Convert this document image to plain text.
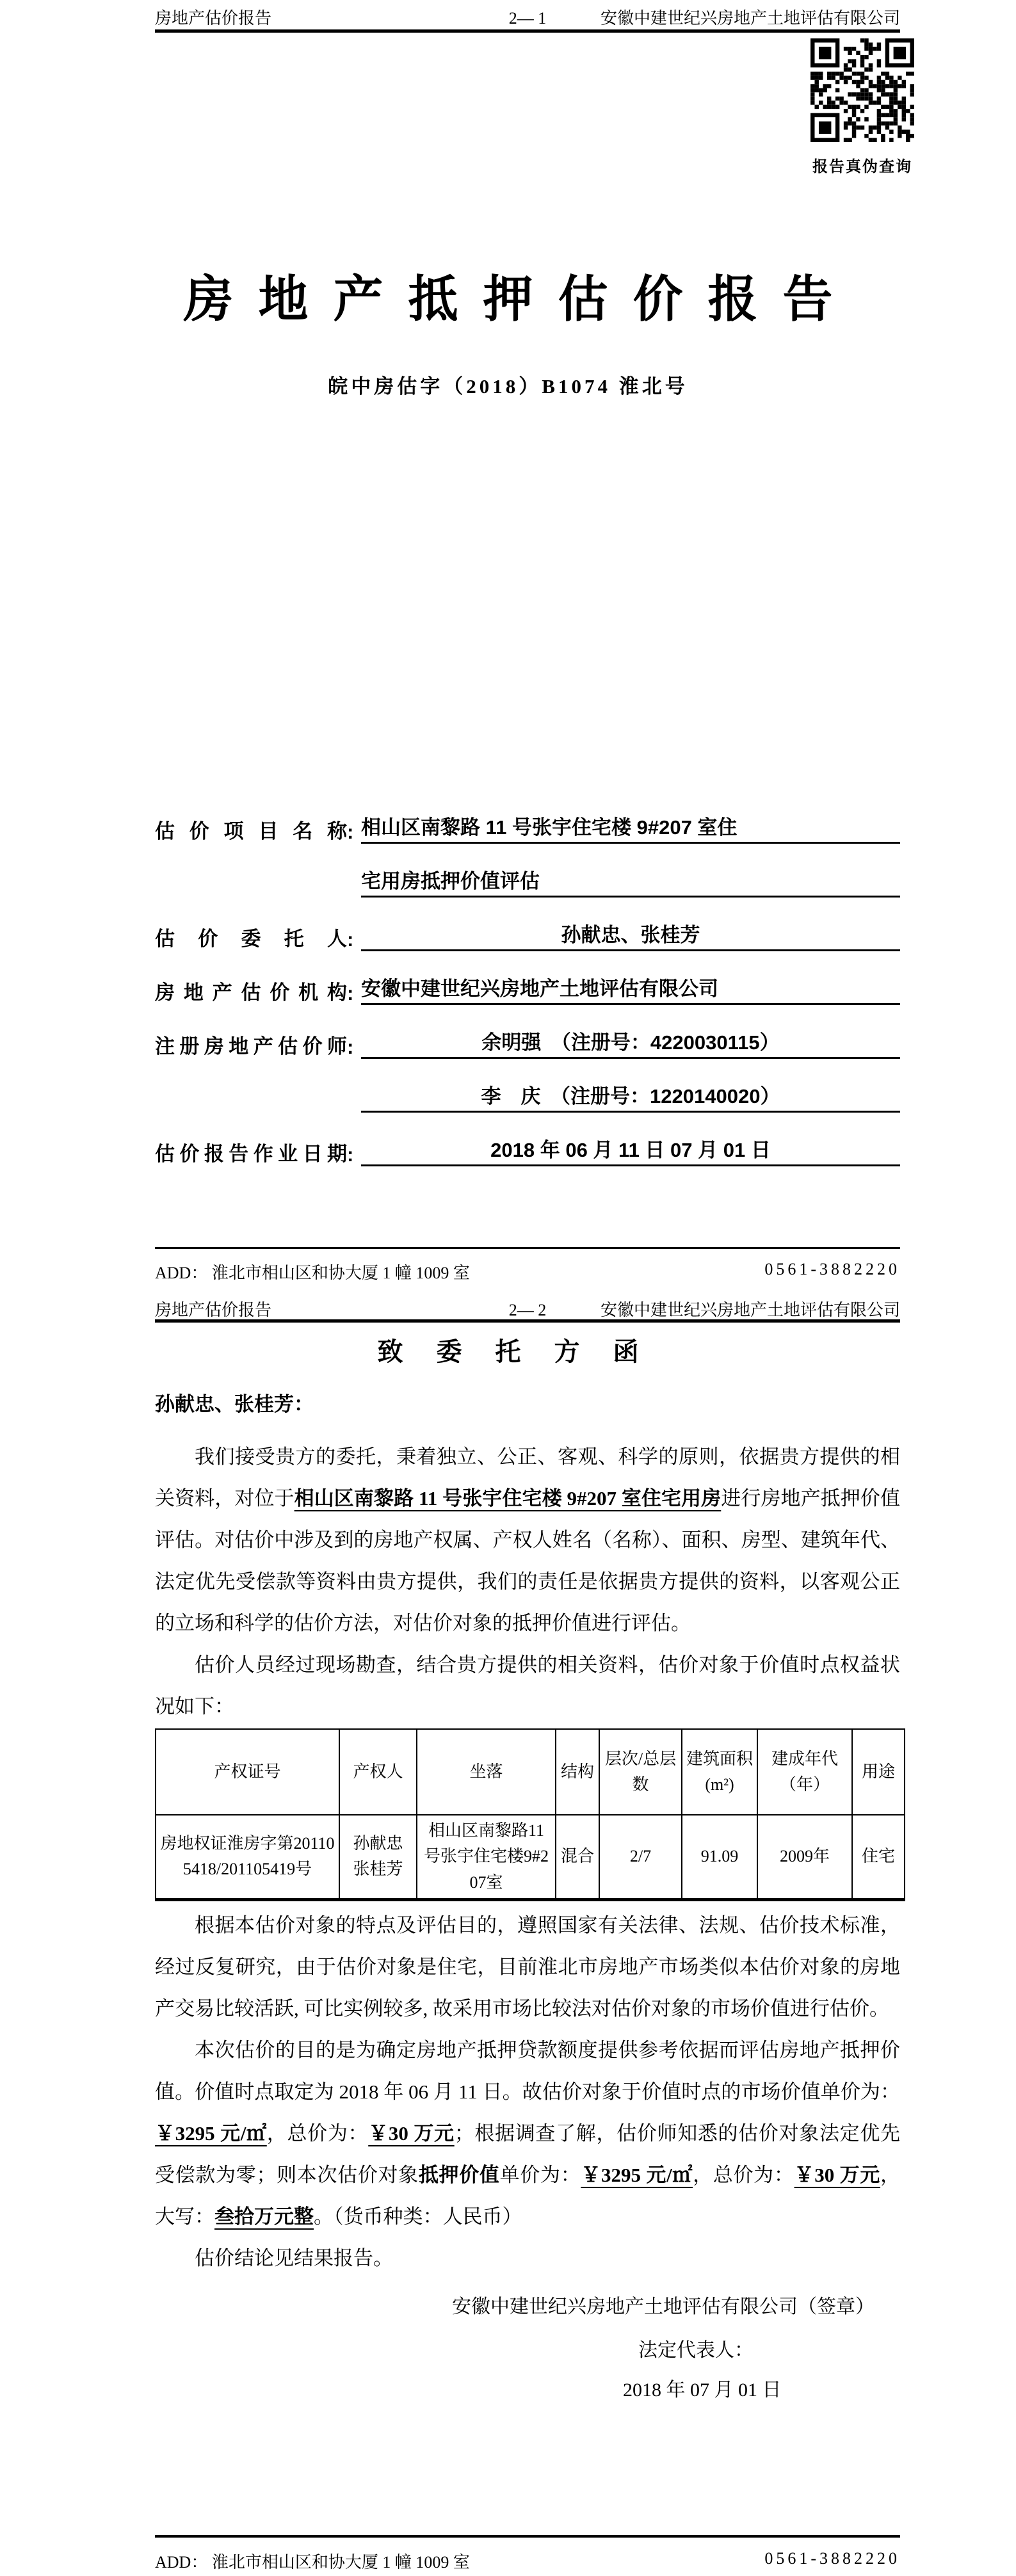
房地产估价报告	2— 1	安徽中建世纪兴房地产土地评估有限公司
报告真伪查询
房地产抵押估价报告
皖中房估字（2018）B1074 淮北号
估价项目名称 : 相山区南黎路 11 号张宇住宅楼 9#207 室住
宅用房抵押价值评估
估价委托人 :	孙献忠、张桂芳
房地产估价机构 : 安徽中建世纪兴房地产土地评估有限公司
注册房地产估价师 :	余明强　（注册号：4220030115）
李　庆　（注册号：1220140020）
估价报告作业日期 :	2018 年 06 月 11 日 07 月 01 日
ADD： 淮北市相山区和协大厦 1 幢 1009 室	0561-3882220
房地产估价报告	2— 2	安徽中建世纪兴房地产土地评估有限公司
致委托方函
孙献忠、张桂芳：

我们接受贵方的委托，秉着独立、公正、客观、科学的原则，依据贵方提供的相关资料，对位于相山区南黎路 11 号张宇住宅楼 9#207 室住宅用房进行房地产抵押价值评估。对估价中涉及到的房地产权属、产权人姓名（名称）、面积、房型、建筑年代、法定优先受偿款等资料由贵方提供，我们的责任是依据贵方提供的资料，以客观公正的立场和科学的估价方法，对估价对象的抵押价值进行评估。

估价人员经过现场勘查，结合贵方提供的相关资料，估价对象于价值时点权益状况如下：

产权证号	产权人	坐落	结构	层次/总层数	建筑面积(m²)	建成年代（年）	用途
房地权证淮房字第201105418/201105419号	孙献忠 张桂芳	相山区南黎路11号张宇住宅楼9#207室	混合	2/7	91.09	2009年	住宅

根据本估价对象的特点及评估目的，遵照国家有关法律、法规、估价技术标准，经过反复研究，由于估价对象是住宅，目前淮北市房地产市场类似本估价对象的房地产交易比较活跃, 可比实例较多, 故采用市场比较法对估价对象的市场价值进行估价。

本次估价的目的是为确定房地产抵押贷款额度提供参考依据而评估房地产抵押价值。价值时点取定为 2018 年 06 月 11 日。故估价对象于价值时点的市场价值单价为：￥3295 元/㎡，总价为：￥30 万元；根据调查了解，估价师知悉的估价对象法定优先受偿款为零；则本次估价对象抵押价值单价为：￥3295 元/㎡，总价为：￥30 万元，大写：叁拾万元整。（货币种类：人民币）

估价结论见结果报告。

安徽中建世纪兴房地产土地评估有限公司（签章）
法定代表人：
2018 年 07 月 01 日
ADD： 淮北市相山区和协大厦 1 幢 1009 室	0561-3882220
